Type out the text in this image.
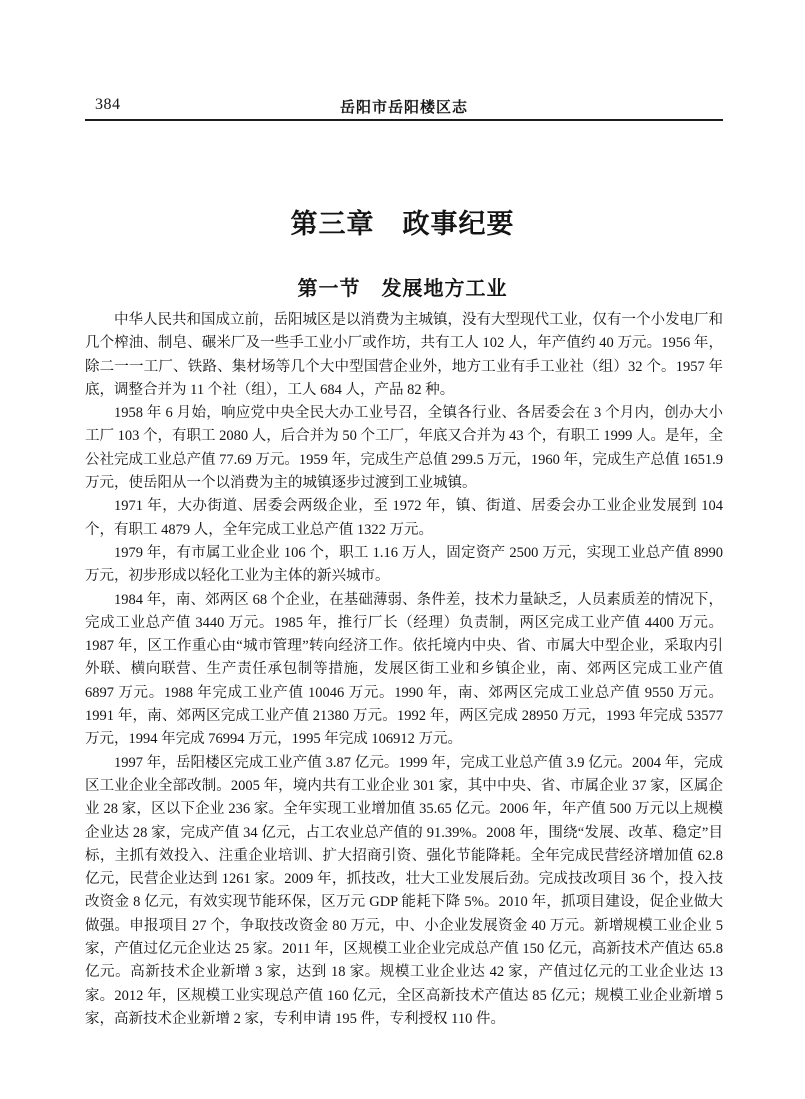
384	岳阳市岳阳楼区志
第三章　政事纪要
第一节　发展地方工业

中华人民共和国成立前，岳阳城区是以消费为主城镇，没有大型现代工业，仅有一个小发电厂和几个榨油、制皂、碾米厂及一些手工业小厂或作坊，共有工人 102 人，年产值约 40 万元。1956 年，除二一一工厂、铁路、集材场等几个大中型国营企业外，地方工业有手工业社（组）32 个。1957 年底，调整合并为 11 个社（组），工人 684 人，产品 82 种。

1958 年 6 月始，响应党中央全民大办工业号召，全镇各行业、各居委会在 3 个月内，创办大小工厂 103 个，有职工 2080 人，后合并为 50 个工厂，年底又合并为 43 个，有职工 1999 人。是年，全公社完成工业总产值 77.69 万元。1959 年，完成生产总值 299.5 万元，1960 年，完成生产总值 1651.9 万元，使岳阳从一个以消费为主的城镇逐步过渡到工业城镇。

1971 年，大办街道、居委会两级企业，至 1972 年，镇、街道、居委会办工业企业发展到 104 个，有职工 4879 人，全年完成工业总产值 1322 万元。

1979 年，有市属工业企业 106 个，职工 1.16 万人，固定资产 2500 万元，实现工业总产值 8990 万元，初步形成以轻化工业为主体的新兴城市。

1984 年，南、郊两区 68 个企业，在基础薄弱、条件差，技术力量缺乏，人员素质差的情况下，完成工业总产值 3440 万元。1985 年，推行厂长（经理）负责制，两区完成工业产值 4400 万元。1987 年，区工作重心由“城市管理”转向经济工作。依托境内中央、省、市属大中型企业，采取内引外联、横向联营、生产责任承包制等措施，发展区街工业和乡镇企业，南、郊两区完成工业产值 6897 万元。1988 年完成工业产值 10046 万元。1990 年，南、郊两区完成工业总产值 9550 万元。1991 年，南、郊两区完成工业产值 21380 万元。1992 年，两区完成 28950 万元，1993 年完成 53577 万元，1994 年完成 76994 万元，1995 年完成 106912 万元。

1997 年，岳阳楼区完成工业产值 3.87 亿元。1999 年，完成工业总产值 3.9 亿元。2004 年，完成区工业企业全部改制。2005 年，境内共有工业企业 301 家，其中中央、省、市属企业 37 家，区属企业 28 家，区以下企业 236 家。全年实现工业增加值 35.65 亿元。2006 年，年产值 500 万元以上规模企业达 28 家，完成产值 34 亿元，占工农业总产值的 91.39%。2008 年，围绕“发展、改革、稳定”目标，主抓有效投入、注重企业培训、扩大招商引资、强化节能降耗。全年完成民营经济增加值 62.8 亿元，民营企业达到 1261 家。2009 年，抓技改，壮大工业发展后劲。完成技改项目 36 个，投入技改资金 8 亿元，有效实现节能环保，区万元 GDP 能耗下降 5%。2010 年，抓项目建设，促企业做大做强。申报项目 27 个，争取技改资金 80 万元，中、小企业发展资金 40 万元。新增规模工业企业 5 家，产值过亿元企业达 25 家。2011 年，区规模工业企业完成总产值 150 亿元，高新技术产值达 65.8 亿元。高新技术企业新增 3 家，达到 18 家。规模工业企业达 42 家，产值过亿元的工业企业达 13 家。2012 年，区规模工业实现总产值 160 亿元，全区高新技术产值达 85 亿元；规模工业企业新增 5 家，高新技术企业新增 2 家，专利申请 195 件，专利授权 110 件。
